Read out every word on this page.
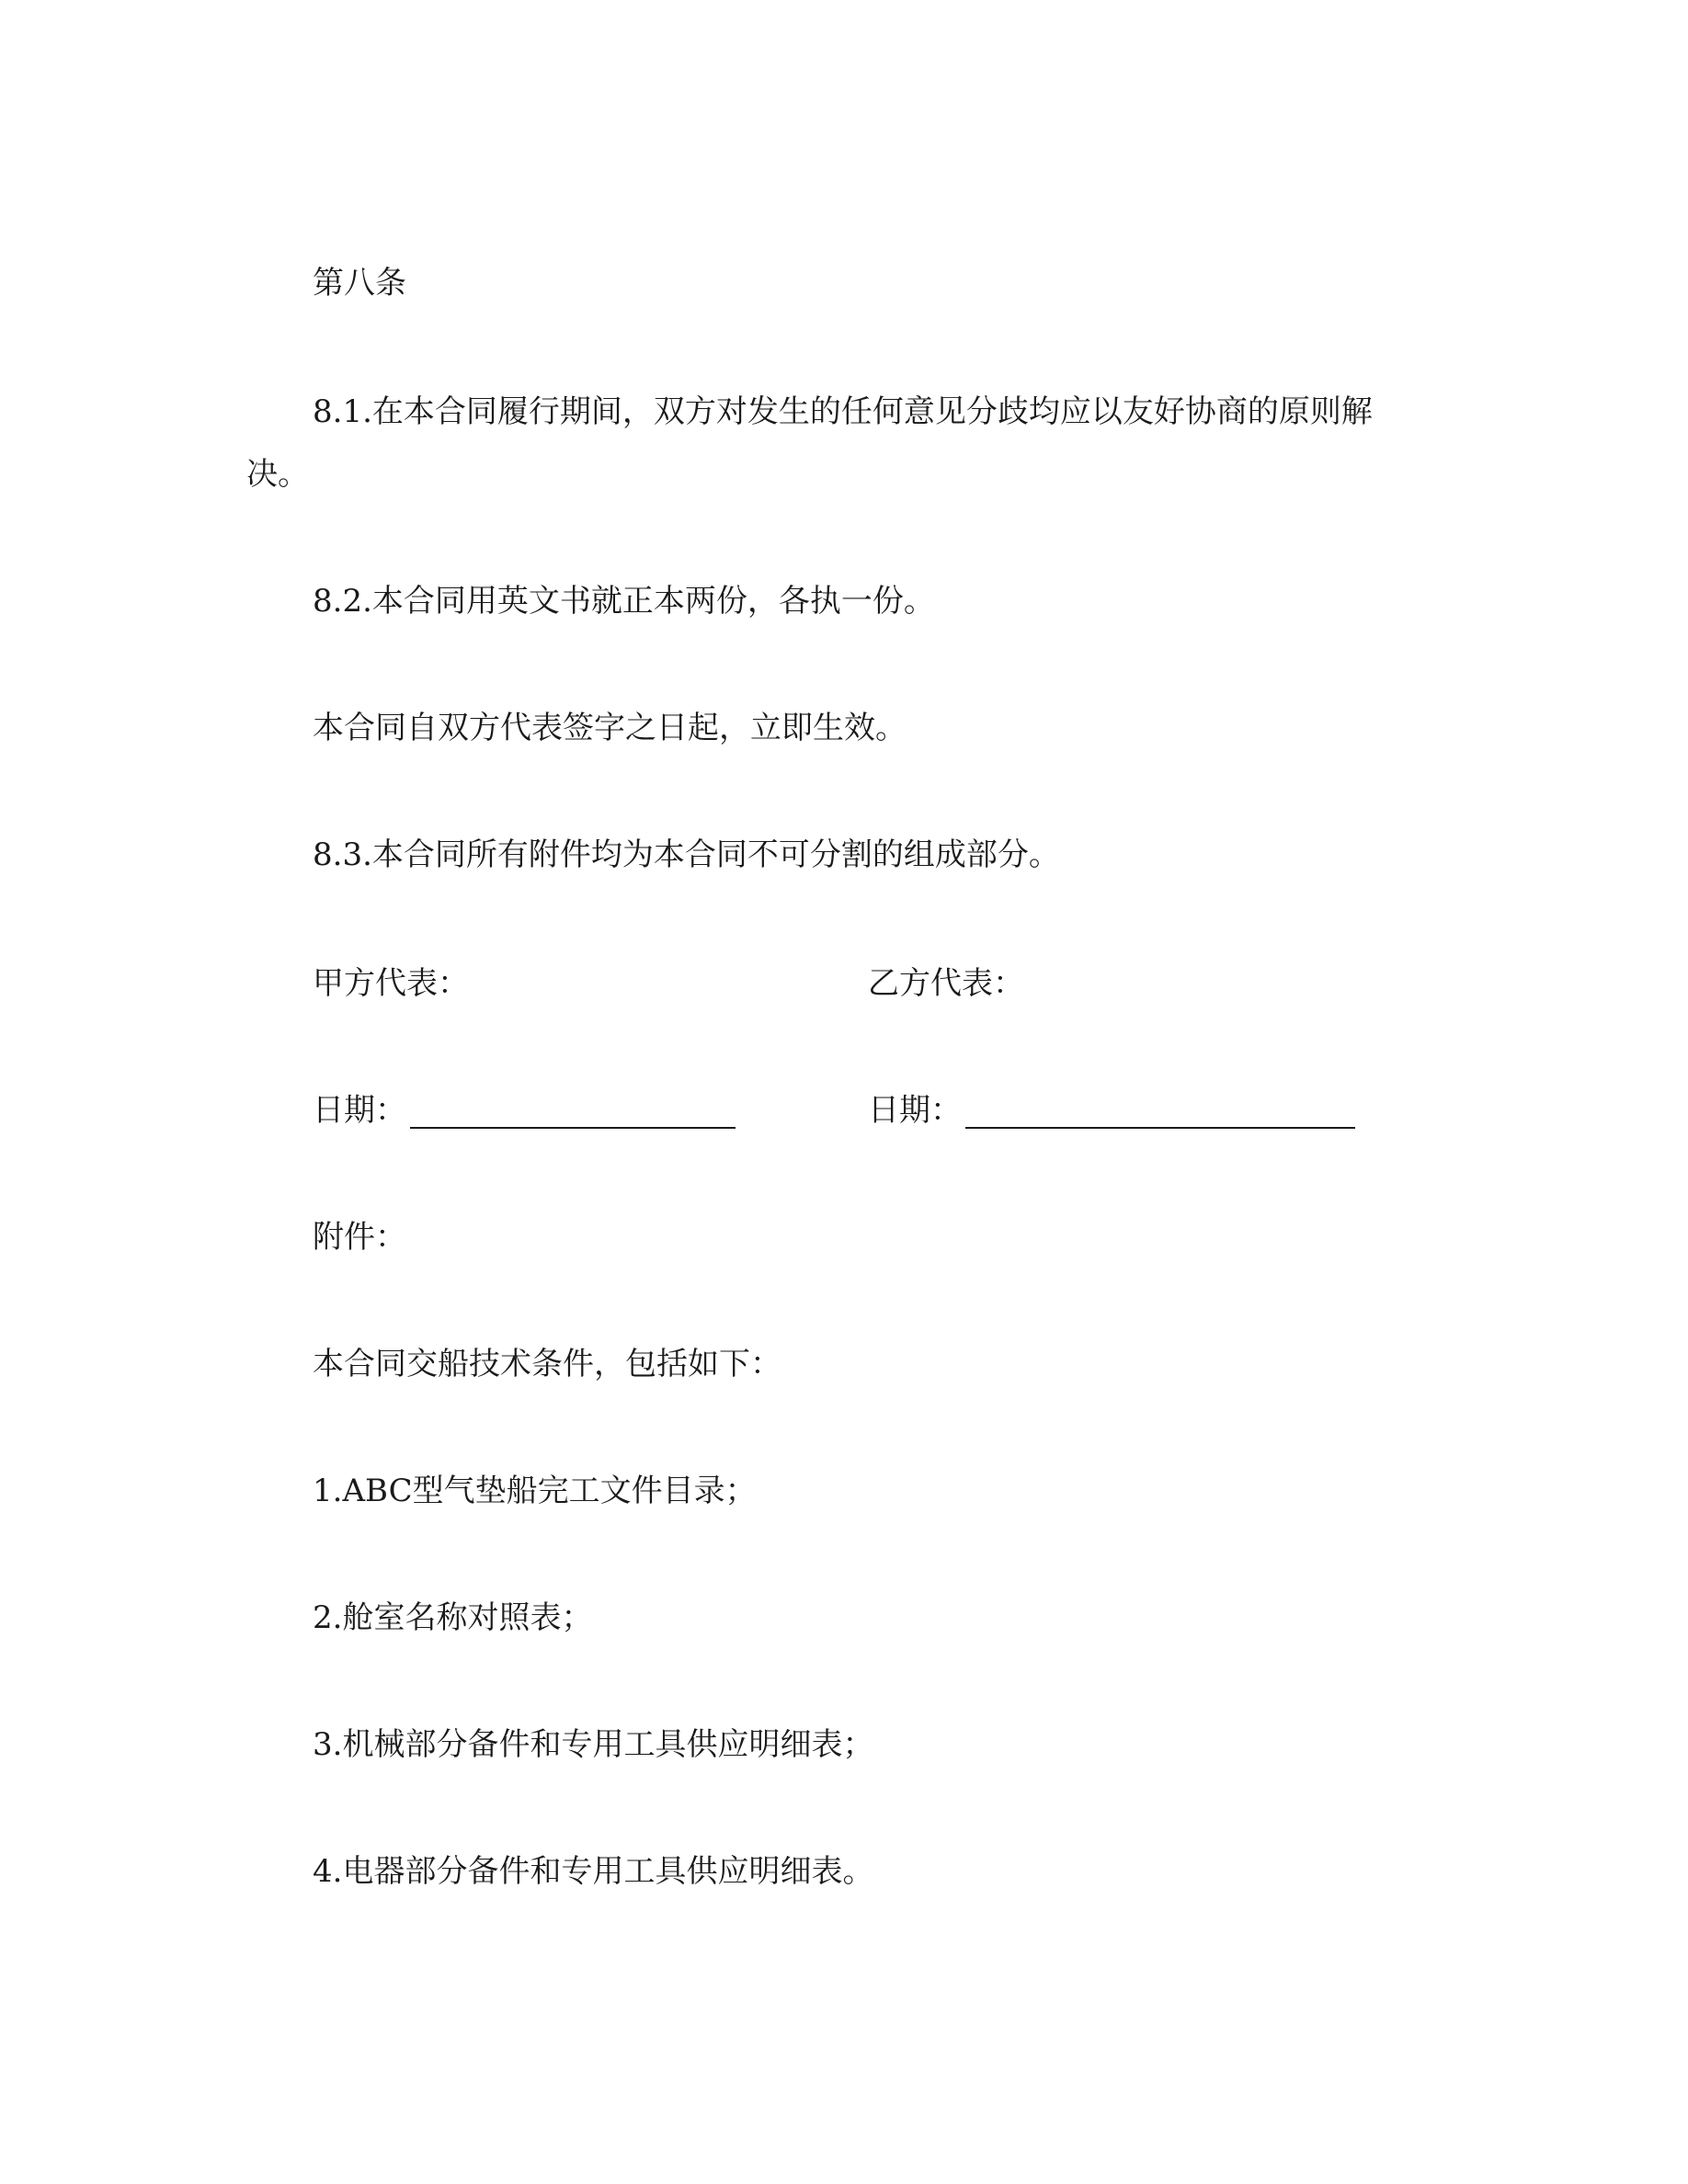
第八条
8.1.在本合同履行期间，双方对发生的任何意见分歧均应以友好协商的原则解
决。
8.2.本合同用英文书就正本两份，各执一份。
本合同自双方代表签字之日起，立即生效。
8.3.本合同所有附件均为本合同不可分割的组成部分。
甲方代表：	乙方代表：
日期：	日期：
附件：
本合同交船技术条件，包括如下：
1.ABC型气垫船完工文件目录；
2.舱室名称对照表；
3.机械部分备件和专用工具供应明细表；
4.电器部分备件和专用工具供应明细表。
